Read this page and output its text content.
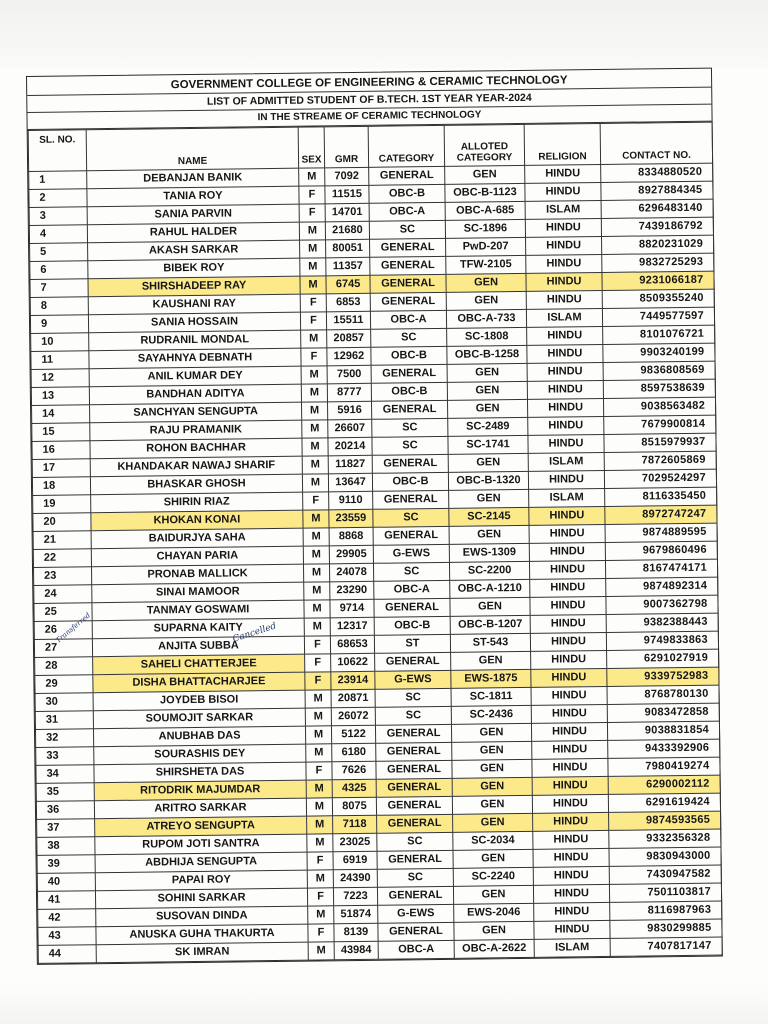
GOVERNMENT COLLEGE OF ENGINEERING & CERAMIC TECHNOLOGY
LIST OF ADMITTED STUDENT OF B.TECH. 1ST YEAR YEAR-2024
IN THE STREAME OF CERAMIC TECHNOLOGY
SL. NO.	NAME	SEX	GMR	CATEGORY	ALLOTED CATEGORY	RELIGION	CONTACT NO.
1	DEBANJAN BANIK	M	7092	GENERAL	GEN	HINDU	8334880520
2	TANIA ROY	F	11515	OBC-B	OBC-B-1123	HINDU	8927884345
3	SANIA PARVIN	F	14701	OBC-A	OBC-A-685	ISLAM	6296483140
4	RAHUL HALDER	M	21680	SC	SC-1896	HINDU	7439186792
5	AKASH SARKAR	M	80051	GENERAL	PwD-207	HINDU	8820231029
6	BIBEK ROY	M	11357	GENERAL	TFW-2105	HINDU	9832725293
7	SHIRSHADEEP RAY	M	6745	GENERAL	GEN	HINDU	9231066187
8	KAUSHANI RAY	F	6853	GENERAL	GEN	HINDU	8509355240
9	SANIA HOSSAIN	F	15511	OBC-A	OBC-A-733	ISLAM	7449577597
10	RUDRANIL MONDAL	M	20857	SC	SC-1808	HINDU	8101076721
11	SAYAHNYA DEBNATH	F	12962	OBC-B	OBC-B-1258	HINDU	9903240199
12	ANIL KUMAR DEY	M	7500	GENERAL	GEN	HINDU	9836808569
13	BANDHAN ADITYA	M	8777	OBC-B	GEN	HINDU	8597538639
14	SANCHYAN SENGUPTA	M	5916	GENERAL	GEN	HINDU	9038563482
15	RAJU PRAMANIK	M	26607	SC	SC-2489	HINDU	7679900814
16	ROHON BACHHAR	M	20214	SC	SC-1741	HINDU	8515979937
17	KHANDAKAR NAWAJ SHARIF	M	11827	GENERAL	GEN	ISLAM	7872605869
18	BHASKAR GHOSH	M	13647	OBC-B	OBC-B-1320	HINDU	7029524297
19	SHIRIN RIAZ	F	9110	GENERAL	GEN	ISLAM	8116335450
20	KHOKAN KONAI	M	23559	SC	SC-2145	HINDU	8972747247
21	BAIDURJYA SAHA	M	8868	GENERAL	GEN	HINDU	9874889595
22	CHAYAN PARIA	M	29905	G-EWS	EWS-1309	HINDU	9679860496
23	PRONAB MALLICK	M	24078	SC	SC-2200	HINDU	8167474171
24	SINAI MAMOOR	M	23290	OBC-A	OBC-A-1210	HINDU	9874892314
25	TANMAY GOSWAMI	M	9714	GENERAL	GEN	HINDU	9007362798
26	SUPARNA KAITY	M	12317	OBC-B	OBC-B-1207	HINDU	9382388443
27	ANJITA SUBBA	F	68653	ST	ST-543	HINDU	9749833863
28	SAHELI CHATTERJEE	F	10622	GENERAL	GEN	HINDU	6291027919
29	DISHA BHATTACHARJEE	F	23914	G-EWS	EWS-1875	HINDU	9339752983
30	JOYDEB BISOI	M	20871	SC	SC-1811	HINDU	8768780130
31	SOUMOJIT SARKAR	M	26072	SC	SC-2436	HINDU	9083472858
32	ANUBHAB DAS	M	5122	GENERAL	GEN	HINDU	9038831854
33	SOURASHIS DEY	M	6180	GENERAL	GEN	HINDU	9433392906
34	SHIRSHETA DAS	F	7626	GENERAL	GEN	HINDU	7980419274
35	RITODRIK MAJUMDAR	M	4325	GENERAL	GEN	HINDU	6290002112
36	ARITRO SARKAR	M	8075	GENERAL	GEN	HINDU	6291619424
37	ATREYO SENGUPTA	M	7118	GENERAL	GEN	HINDU	9874593565
38	RUPOM JOTI SANTRA	M	23025	SC	SC-2034	HINDU	9332356328
39	ABDHIJA SENGUPTA	F	6919	GENERAL	GEN	HINDU	9830943000
40	PAPAI ROY	M	24390	SC	SC-2240	HINDU	7430947582
41	SOHINI SARKAR	F	7223	GENERAL	GEN	HINDU	7501103817
42	SUSOVAN DINDA	M	51874	G-EWS	EWS-2046	HINDU	8116987963
43	ANUSKA GUHA THAKURTA	F	8139	GENERAL	GEN	HINDU	9830299885
44	SK IMRAN	M	43984	OBC-A	OBC-A-2622	ISLAM	7407817147
Cancelled
Transferred
